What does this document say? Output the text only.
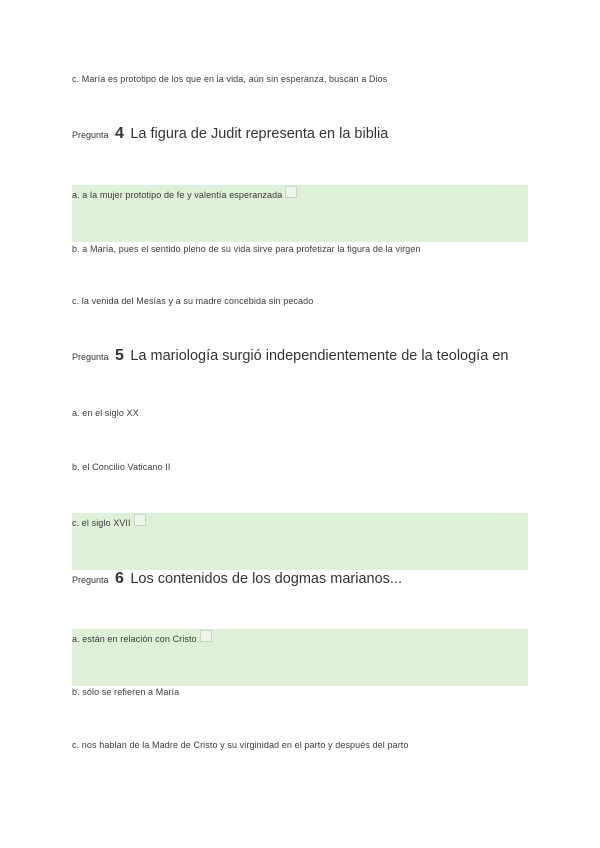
c. María es prototipo de los que en la vida, aún sin esperanza, buscan a Dios
Pregunta 4 La figura de Judit representa en la biblia
a. a la mujer prototipo de fe y valentía esperanzada
b. a María, pues el sentido pleno de su vida sirve para profetizar la figura de la virgen
c. la venida del Mesías y a su madre concebida sin pecado
Pregunta 5 La mariología surgió independientemente de la teología en
a. en el siglo XX
b. el Concilio Vaticano II
c. el siglo XVII
Pregunta 6 Los contenidos de los dogmas marianos...
a. están en relación con Cristo
b. sólo se refieren a María
c. nos hablan de la Madre de Cristo y su virginidad en el parto y después del parto
